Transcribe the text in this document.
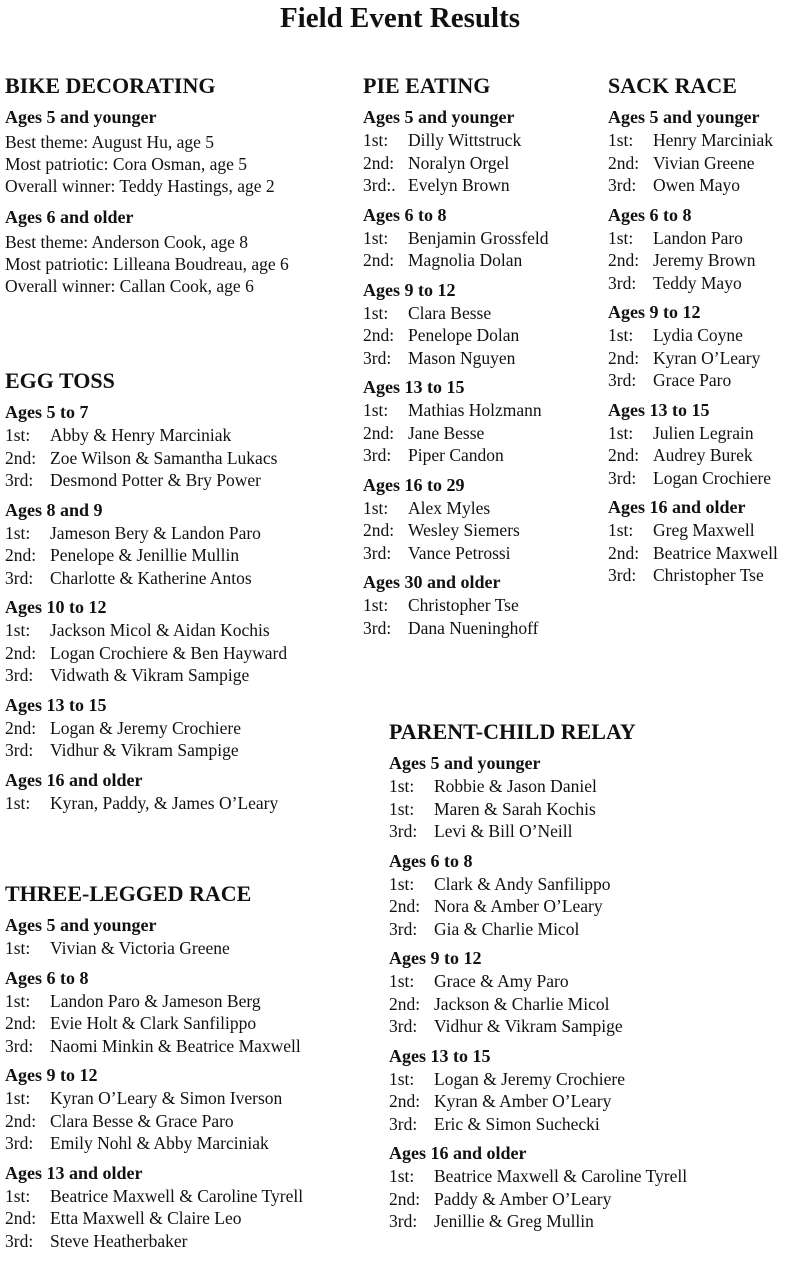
Field Event Results
BIKE DECORATING
Ages 5 and younger
Best theme: August Hu, age 5
Most patriotic: Cora Osman, age 5
Overall winner: Teddy Hastings, age 2
Ages 6 and older
Best theme: Anderson Cook, age 8
Most patriotic: Lilleana Boudreau, age 6
Overall winner: Callan Cook, age 6
EGG TOSS
Ages 5 to 7
1st: Abby & Henry Marciniak
2nd: Zoe Wilson & Samantha Lukacs
3rd: Desmond Potter & Bry Power
Ages 8 and 9
1st: Jameson Bery & Landon Paro
2nd: Penelope & Jenillie Mullin
3rd: Charlotte & Katherine Antos
Ages 10 to 12
1st: Jackson Micol & Aidan Kochis
2nd: Logan Crochiere & Ben Hayward
3rd: Vidwath & Vikram Sampige
Ages 13 to 15
2nd: Logan & Jeremy Crochiere
3rd: Vidhur & Vikram Sampige
Ages 16 and older
1st: Kyran, Paddy, & James O’Leary
THREE-LEGGED RACE
Ages 5 and younger
1st: Vivian & Victoria Greene
Ages 6 to 8
1st: Landon Paro & Jameson Berg
2nd: Evie Holt & Clark Sanfilippo
3rd: Naomi Minkin & Beatrice Maxwell
Ages 9 to 12
1st: Kyran O’Leary & Simon Iverson
2nd: Clara Besse & Grace Paro
3rd: Emily Nohl & Abby Marciniak
Ages 13 and older
1st: Beatrice Maxwell & Caroline Tyrell
2nd: Etta Maxwell & Claire Leo
3rd: Steve Heatherbaker
PIE EATING
Ages 5 and younger
1st: Dilly Wittstruck
2nd: Noralyn Orgel
3rd:. Evelyn Brown
Ages 6 to 8
1st: Benjamin Grossfeld
2nd: Magnolia Dolan
Ages 9 to 12
1st: Clara Besse
2nd: Penelope Dolan
3rd: Mason Nguyen
Ages 13 to 15
1st: Mathias Holzmann
2nd: Jane Besse
3rd: Piper Candon
Ages 16 to 29
1st: Alex Myles
2nd: Wesley Siemers
3rd: Vance Petrossi
Ages 30 and older
1st: Christopher Tse
3rd: Dana Nueninghoff
SACK RACE
Ages 5 and younger
1st: Henry Marciniak
2nd: Vivian Greene
3rd: Owen Mayo
Ages 6 to 8
1st: Landon Paro
2nd: Jeremy Brown
3rd: Teddy Mayo
Ages 9 to 12
1st: Lydia Coyne
2nd: Kyran O’Leary
3rd: Grace Paro
Ages 13 to 15
1st: Julien Legrain
2nd: Audrey Burek
3rd: Logan Crochiere
Ages 16 and older
1st: Greg Maxwell
2nd: Beatrice Maxwell
3rd: Christopher Tse
PARENT-CHILD RELAY
Ages 5 and younger
1st: Robbie & Jason Daniel
1st: Maren & Sarah Kochis
3rd: Levi & Bill O’Neill
Ages 6 to 8
1st: Clark & Andy Sanfilippo
2nd: Nora & Amber O’Leary
3rd: Gia & Charlie Micol
Ages 9 to 12
1st: Grace & Amy Paro
2nd: Jackson & Charlie Micol
3rd: Vidhur & Vikram Sampige
Ages 13 to 15
1st: Logan & Jeremy Crochiere
2nd: Kyran & Amber O’Leary
3rd: Eric & Simon Suchecki
Ages 16 and older
1st: Beatrice Maxwell & Caroline Tyrell
2nd: Paddy & Amber O’Leary
3rd: Jenillie & Greg Mullin
